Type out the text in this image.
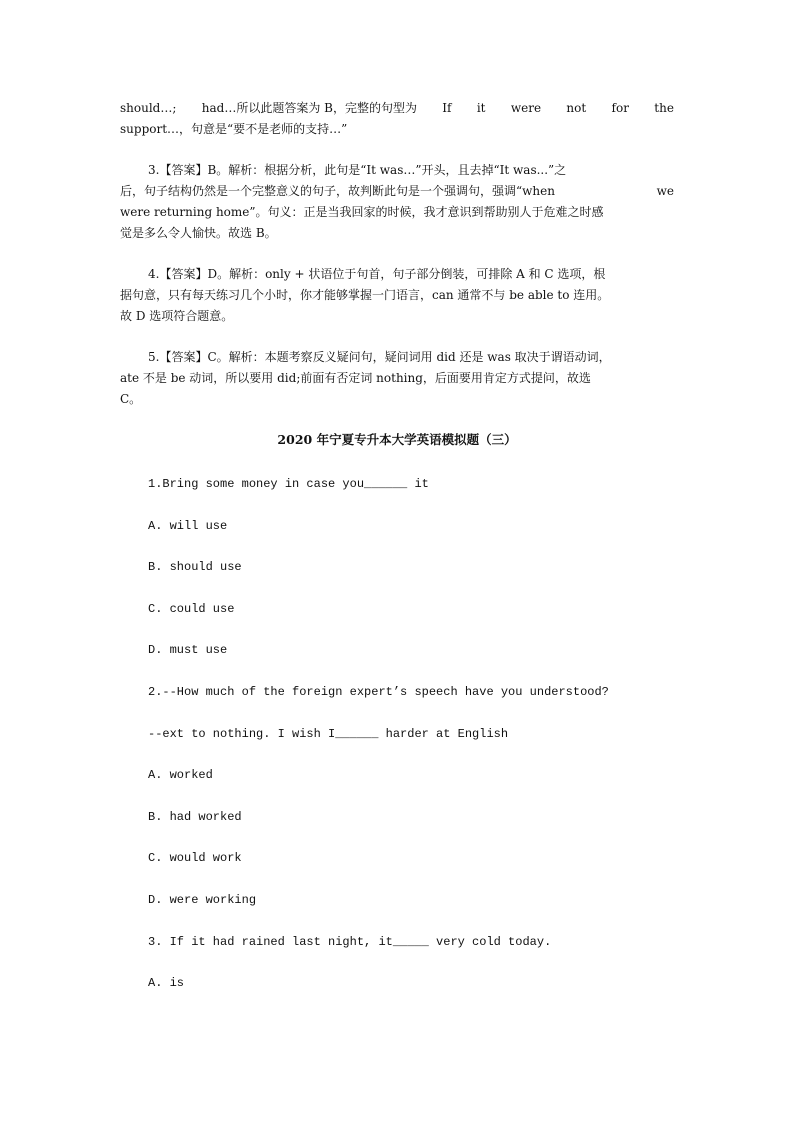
should…; had…所以此题答案为 B，完整的句型为 If it were not for the
support…，句意是“要不是老师的支持…”
3.【答案】B。解析：根据分析，此句是“It was…”开头，且去掉“It was...”之
后，句子结构仍然是一个完整意义的句子，故判断此句是一个强调句，强调“when	we
were returning home”。句义：正是当我回家的时候，我才意识到帮助别人于危难之时感
觉是多么令人愉快。故选 B。
4.【答案】D。解析：only + 状语位于句首，句子部分倒装，可排除 A 和 C 选项，根
据句意，只有每天练习几个小时，你才能够掌握一门语言，can 通常不与 be able to 连用。
故 D 选项符合题意。
5.【答案】C。解析：本题考察反义疑问句，疑问词用 did 还是 was 取决于谓语动词，
ate 不是 be 动词，所以要用 did;前面有否定词 nothing，后面要用肯定方式提问，故选
C。
2020 年宁夏专升本大学英语模拟题（三）
1.Bring some money in case you______ it
A. will use
B. should use
C. could use
D. must use
2.--How much of the foreign expert’s speech have you understood?
--ext to nothing. I wish I______ harder at English
A. worked
B. had worked
C. would work
D. were working
3. If it had rained last night, it_____ very cold today.
A. is
